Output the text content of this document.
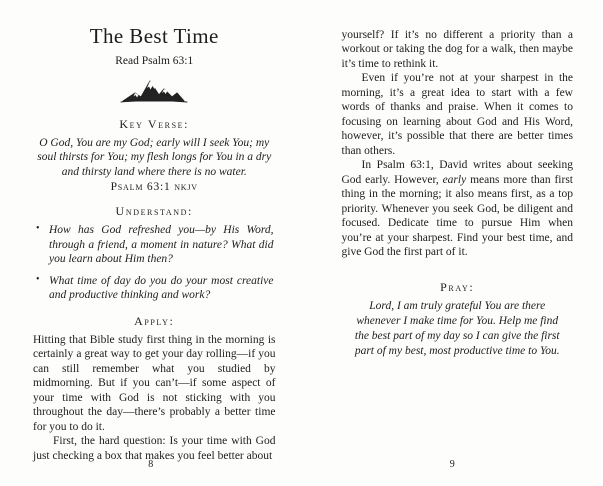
The Best Time

Read Psalm 63:1

Key Verse:

O God, You are my God; early will I seek You; my soul thirsts for You; my flesh longs for You in a dry and thirsty land where there is no water.

Psalm 63:1 nkjv

Understand:
• How has God refreshed you—by His Word, through a friend, a moment in nature? What did you learn about Him then?
• What time of day do you do your most creative and productive thinking and work?
Apply:

Hitting that Bible study first thing in the morning is certainly a great way to get your day rolling—if you can still remember what you studied by midmorning. But if you can’t—if some aspect of your time with God is not sticking with you throughout the day—there’s probably a better time for you to do it.

First, the hard question: Is your time with God just checking a box that makes you feel better about

8

yourself? If it’s no different a priority than a workout or taking the dog for a walk, then maybe it’s time to rethink it.

Even if you’re not at your sharpest in the morning, it’s a great idea to start with a few words of thanks and praise. When it comes to focusing on learning about God and His Word, however, it’s possible that there are better times than others.

In Psalm 63:1, David writes about seeking God early. However, early means more than first thing in the morning; it also means first, as a top priority. Whenever you seek God, be diligent and focused. Dedicate time to pursue Him when you’re at your sharpest. Find your best time, and give God the first part of it.

Pray:

Lord, I am truly grateful You are there whenever I make time for You. Help me find the best part of my day so I can give the first part of my best, most productive time to You.

9
